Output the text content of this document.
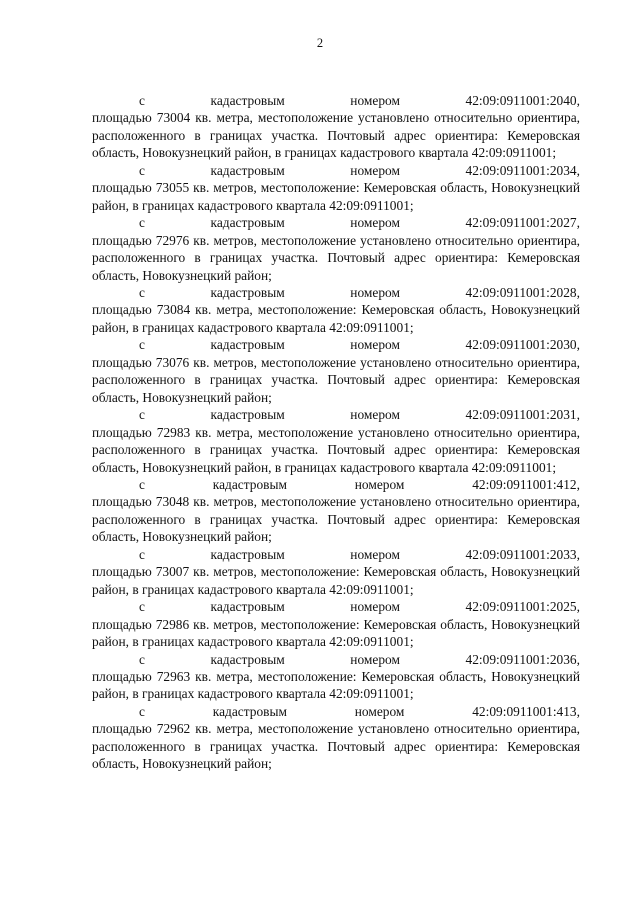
2
с	кадастровым	номером	42:09:0911001:2040,
площадью 73004 кв. метра, местоположение установлено относительно ориентира, расположенного в границах участка. Почтовый адрес ориентира: Кемеровская область, Новокузнецкий район, в границах кадастрового квартала 42:09:0911001;
с	кадастровым	номером	42:09:0911001:2034,
площадью 73055 кв. метров, местоположение: Кемеровская область, Новокузнецкий район, в границах кадастрового квартала 42:09:0911001;
с	кадастровым	номером	42:09:0911001:2027,
площадью 72976 кв. метров, местоположение установлено относительно ориентира, расположенного в границах участка. Почтовый адрес ориентира: Кемеровская область, Новокузнецкий район;
с	кадастровым	номером	42:09:0911001:2028,
площадью 73084 кв. метра, местоположение: Кемеровская область, Новокузнецкий район, в границах кадастрового квартала 42:09:0911001;
с	кадастровым	номером	42:09:0911001:2030,
площадью 73076 кв. метров, местоположение установлено относительно ориентира, расположенного в границах участка. Почтовый адрес ориентира: Кемеровская область, Новокузнецкий район;
с	кадастровым	номером	42:09:0911001:2031,
площадью 72983 кв. метра, местоположение установлено относительно ориентира, расположенного в границах участка. Почтовый адрес ориентира: Кемеровская область, Новокузнецкий район, в границах кадастрового квартала 42:09:0911001;
с	кадастровым	номером	42:09:0911001:412,
площадью 73048 кв. метров, местоположение установлено относительно ориентира, расположенного в границах участка. Почтовый адрес ориентира: Кемеровская область, Новокузнецкий район;
с	кадастровым	номером	42:09:0911001:2033,
площадью 73007 кв. метров, местоположение: Кемеровская область, Новокузнецкий район, в границах кадастрового квартала 42:09:0911001;
с	кадастровым	номером	42:09:0911001:2025,
площадью 72986 кв. метров, местоположение: Кемеровская область, Новокузнецкий район, в границах кадастрового квартала 42:09:0911001;
с	кадастровым	номером	42:09:0911001:2036,
площадью 72963 кв. метра, местоположение: Кемеровская область, Новокузнецкий район, в границах кадастрового квартала 42:09:0911001;
с	кадастровым	номером	42:09:0911001:413,
площадью 72962 кв. метра, местоположение установлено относительно ориентира, расположенного в границах участка. Почтовый адрес ориентира: Кемеровская область, Новокузнецкий район;
